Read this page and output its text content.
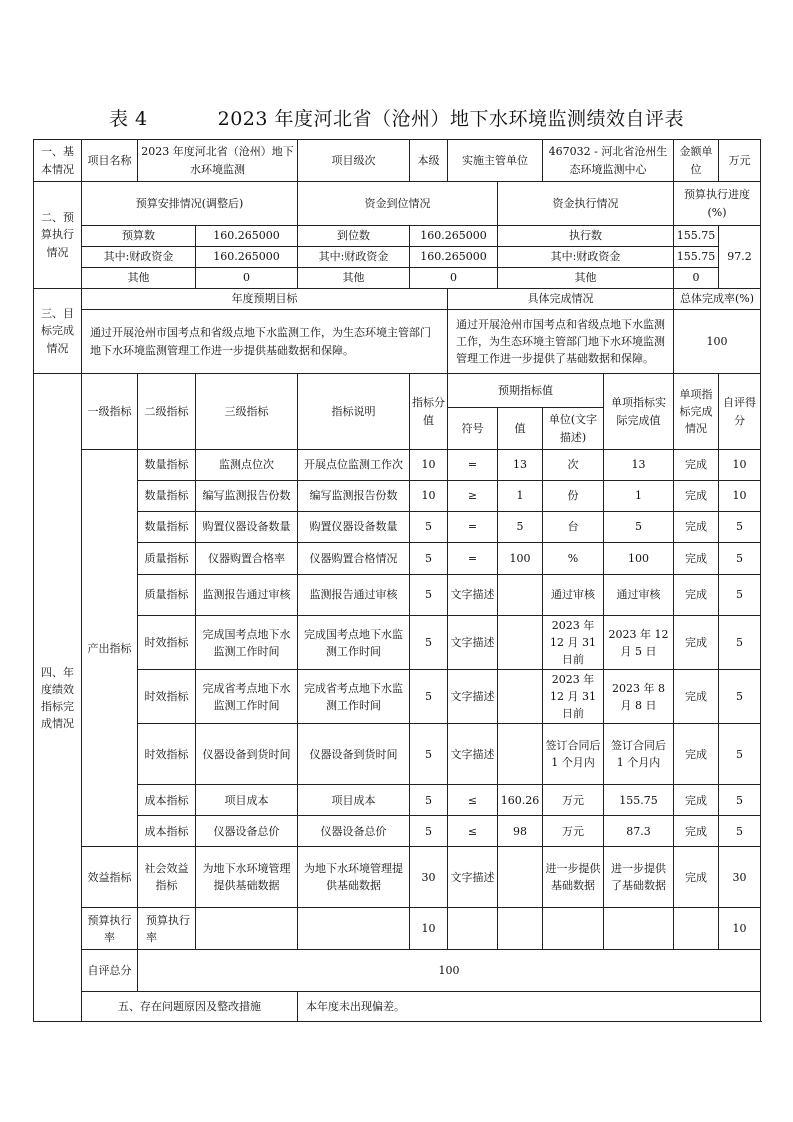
表 4	2023 年度河北省（沧州）地下水环境监测绩效自评表
一、基本情况	项目名称	2023 年度河北省（沧州）地下水环境监测		项目级次	本级	实施主管单位		467032 - 河北省沧州生态环境监测中心		金额单位	万元
二、预算执行情况	预算安排情况(调整后)			资金到位情况			资金执行情况			预算执行进度(%)	
	预算数		160.265000	到位数	160.265000		执行数			155.75	97.2
	其中:财政资金		160.265000	其中:财政资金	160.265000		其中:财政资金			155.75	
	其他		0	其他	0		其他			0	
三、目标完成情况	年度预期目标					具体完成情况				总体完成率(%)	
	通过开展沧州市国考点和省级点地下水监测工作，为生态环境主管部门地下水环境监测管理工作进一步提供基础数据和保障。					通过开展沧州市国考点和省级点地下水监测工作，为生态环境主管部门地下水环境监测管理工作进一步提供了基础数据和保障。				100	
四、年度绩效指标完成情况	一级指标	二级指标	三级指标	指标说明	指标分值	预期指标值			单项指标实际完成值	单项指标完成情况	自评得分
						符号	值	单位(文字描述)			
	产出指标	数量指标	监测点位次	开展点位监测工作次	10	=	13	次	13	完成	10
		数量指标	编写监测报告份数	编写监测报告份数	10	≥	1	份	1	完成	10
		数量指标	购置仪器设备数量	购置仪器设备数量	5	=	5	台	5	完成	5
		质量指标	仪器购置合格率	仪器购置合格情况	5	=	100	%	100	完成	5
		质量指标	监测报告通过审核	监测报告通过审核	5	文字描述		通过审核	通过审核	完成	5
		时效指标	完成国考点地下水监测工作时间	完成国考点地下水监测工作时间	5	文字描述		2023 年 12 月 31 日前	2023 年 12 月 5 日	完成	5
		时效指标	完成省考点地下水监测工作时间	完成省考点地下水监测工作时间	5	文字描述		2023 年 12 月 31 日前	2023 年 8 月 8 日	完成	5
		时效指标	仪器设备到货时间	仪器设备到货时间	5	文字描述		签订合同后 1 个月内	签订合同后 1 个月内	完成	5
		成本指标	项目成本	项目成本	5	≤	160.26	万元	155.75	完成	5
		成本指标	仪器设备总价	仪器设备总价	5	≤	98	万元	87.3	完成	5
	效益指标	社会效益指标	为地下水环境管理提供基础数据	为地下水环境管理提供基础数据	30	文字描述		进一步提供基础数据	进一步提供了基础数据	完成	30
	预算执行率	预算执行率			10						10
	自评总分	100									
	五、存在问题原因及整改措施			本年度未出现偏差。							
